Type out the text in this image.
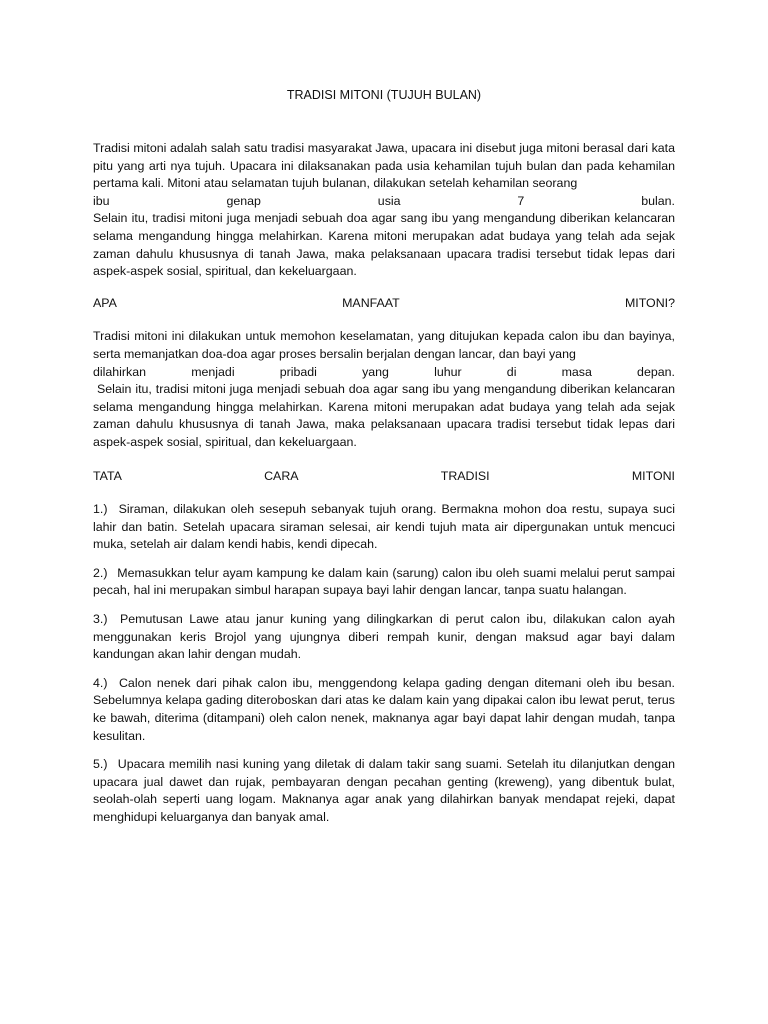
TRADISI MITONI (TUJUH BULAN)
Tradisi mitoni adalah salah satu tradisi masyarakat Jawa, upacara ini disebut juga mitoni berasal dari kata pitu yang arti nya tujuh. Upacara ini dilaksanakan pada usia kehamilan tujuh bulan dan pada kehamilan pertama kali. Mitoni atau selamatan tujuh bulanan, dilakukan setelah kehamilan seorang
ibu	genap	usia	7	bulan.
Selain itu, tradisi mitoni juga menjadi sebuah doa agar sang ibu yang mengandung diberikan kelancaran selama mengandung hingga melahirkan. Karena mitoni merupakan adat budaya yang telah ada sejak zaman dahulu khususnya di tanah Jawa, maka pelaksanaan upacara tradisi tersebut tidak lepas dari aspek-aspek sosial, spiritual, dan kekeluargaan.
APA	MANFAAT	MITONI?
Tradisi mitoni ini dilakukan untuk memohon keselamatan, yang ditujukan kepada calon ibu dan bayinya, serta memanjatkan doa-doa agar proses bersalin berjalan dengan lancar, dan bayi yang
dilahirkan	menjadi	pribadi	yang	luhur	di	masa	depan.
Selain itu, tradisi mitoni juga menjadi sebuah doa agar sang ibu yang mengandung diberikan kelancaran selama mengandung hingga melahirkan. Karena mitoni merupakan adat budaya yang telah ada sejak zaman dahulu khususnya di tanah Jawa, maka pelaksanaan upacara tradisi tersebut tidak lepas dari aspek-aspek sosial, spiritual, dan kekeluargaan.
TATA	CARA	TRADISI	MITONI
1.) Siraman, dilakukan oleh sesepuh sebanyak tujuh orang. Bermakna mohon doa restu, supaya suci lahir dan batin. Setelah upacara siraman selesai, air kendi tujuh mata air dipergunakan untuk mencuci muka, setelah air dalam kendi habis, kendi dipecah.
2.) Memasukkan telur ayam kampung ke dalam kain (sarung) calon ibu oleh suami melalui perut sampai pecah, hal ini merupakan simbul harapan supaya bayi lahir dengan lancar, tanpa suatu halangan.
3.) Pemutusan Lawe atau janur kuning yang dilingkarkan di perut calon ibu, dilakukan calon ayah menggunakan keris Brojol yang ujungnya diberi rempah kunir, dengan maksud agar bayi dalam kandungan akan lahir dengan mudah.
4.) Calon nenek dari pihak calon ibu, menggendong kelapa gading dengan ditemani oleh ibu besan. Sebelumnya kelapa gading diteroboskan dari atas ke dalam kain yang dipakai calon ibu lewat perut, terus ke bawah, diterima (ditampani) oleh calon nenek, maknanya agar bayi dapat lahir dengan mudah, tanpa kesulitan.
5.) Upacara memilih nasi kuning yang diletak di dalam takir sang suami. Setelah itu dilanjutkan dengan upacara jual dawet dan rujak, pembayaran dengan pecahan genting (kreweng), yang dibentuk bulat, seolah-olah seperti uang logam. Maknanya agar anak yang dilahirkan banyak mendapat rejeki, dapat menghidupi keluarganya dan banyak amal.
